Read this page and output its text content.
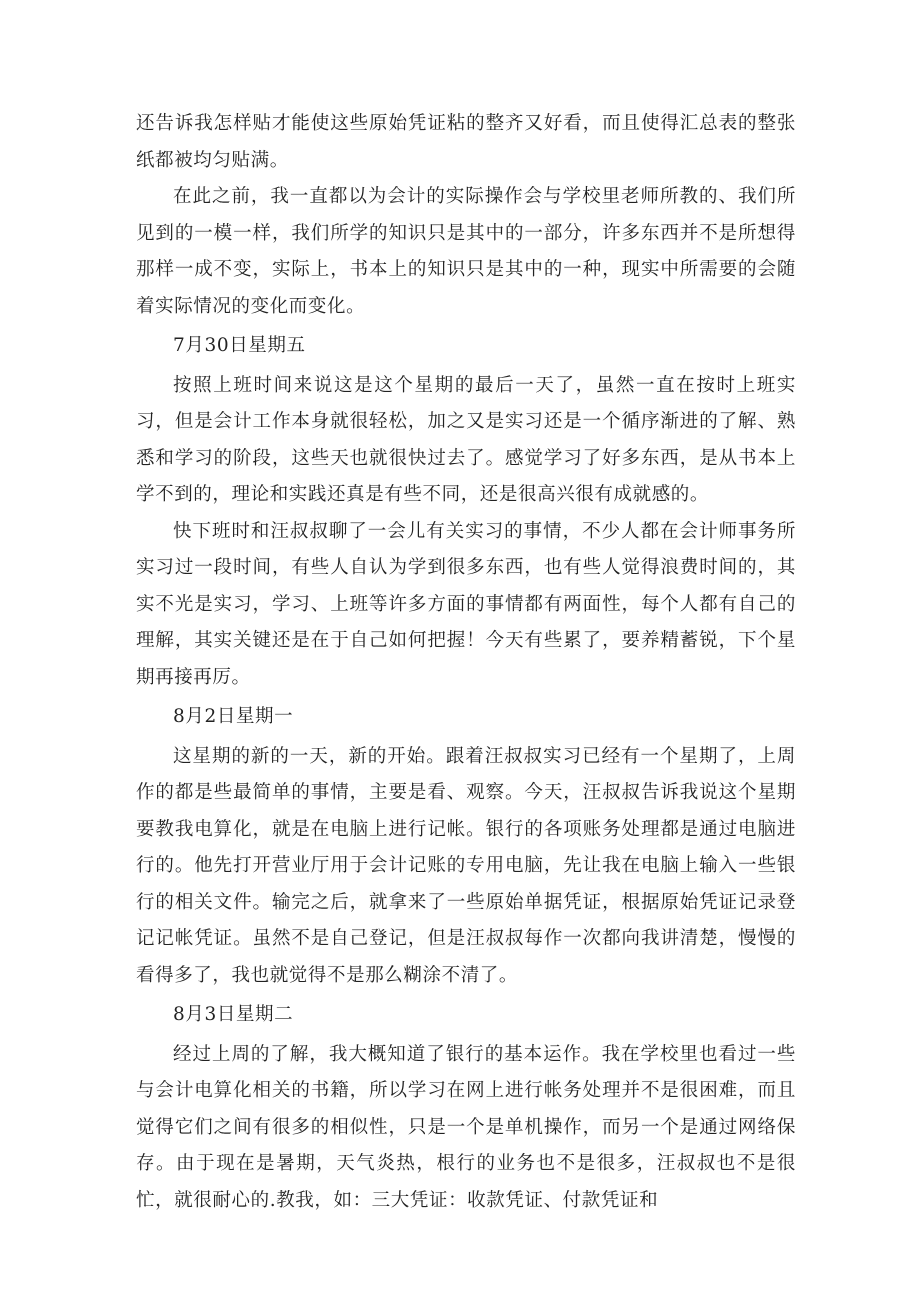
还告诉我怎样贴才能使这些原始凭证粘的整齐又好看，而且使得汇总表的整张纸都被均匀贴满。

在此之前，我一直都以为会计的实际操作会与学校里老师所教的、我们所见到的一模一样，我们所学的知识只是其中的一部分，许多东西并不是所想得那样一成不变，实际上，书本上的知识只是其中的一种，现实中所需要的会随着实际情况的变化而变化。

7月30日星期五

按照上班时间来说这是这个星期的最后一天了，虽然一直在按时上班实习，但是会计工作本身就很轻松，加之又是实习还是一个循序渐进的了解、熟悉和学习的阶段，这些天也就很快过去了。感觉学习了好多东西，是从书本上学不到的，理论和实践还真是有些不同，还是很高兴很有成就感的。

快下班时和汪叔叔聊了一会儿有关实习的事情，不少人都在会计师事务所实习过一段时间，有些人自认为学到很多东西，也有些人觉得浪费时间的，其实不光是实习，学习、上班等许多方面的事情都有两面性，每个人都有自己的理解，其实关键还是在于自己如何把握！今天有些累了，要养精蓄锐，下个星期再接再厉。

8月2日星期一

这星期的新的一天，新的开始。跟着汪叔叔实习已经有一个星期了，上周作的都是些最简单的事情，主要是看、观察。今天，汪叔叔告诉我说这个星期要教我电算化，就是在电脑上进行记帐。银行的各项账务处理都是通过电脑进行的。他先打开营业厅用于会计记账的专用电脑，先让我在电脑上输入一些银行的相关文件。输完之后，就拿来了一些原始单据凭证，根据原始凭证记录登记记帐凭证。虽然不是自己登记，但是汪叔叔每作一次都向我讲清楚，慢慢的看得多了，我也就觉得不是那么糊涂不清了。

8月3日星期二

经过上周的了解，我大概知道了银行的基本运作。我在学校里也看过一些与会计电算化相关的书籍，所以学习在网上进行帐务处理并不是很困难，而且觉得它们之间有很多的相似性，只是一个是单机操作，而另一个是通过网络保存。由于现在是暑期，天气炎热，根行的业务也不是很多，汪叔叔也不是很忙，就很耐心的.教我，如：三大凭证：收款凭证、付款凭证和
